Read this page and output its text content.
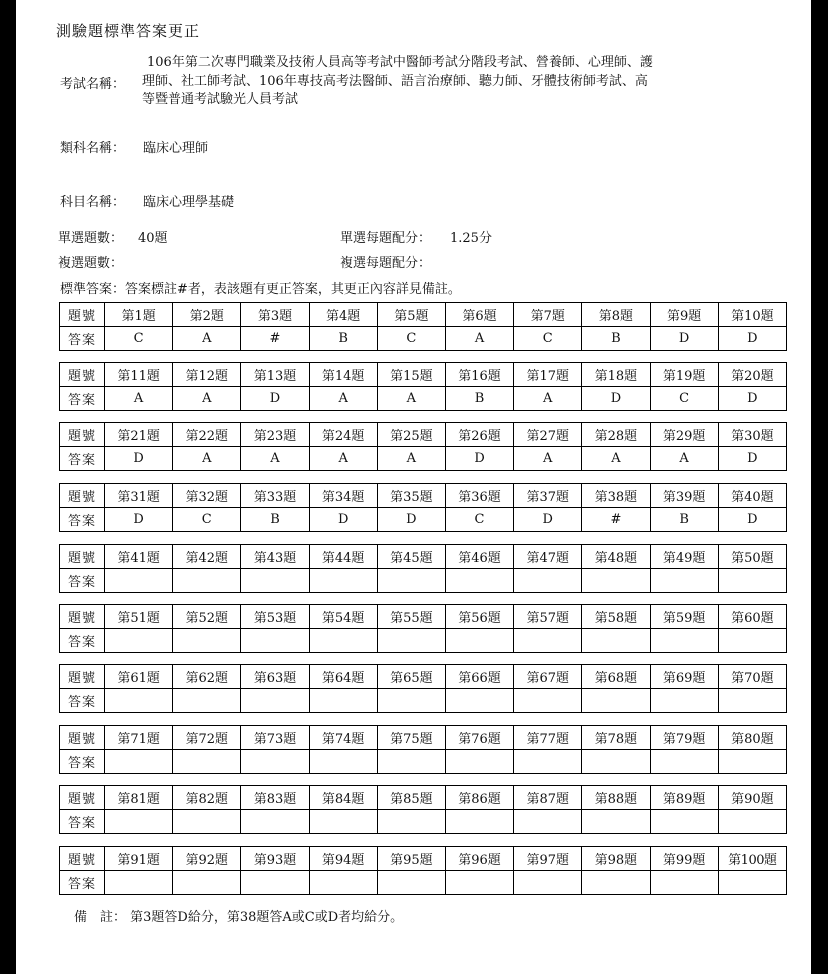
測驗題標準答案更正
考試名稱：
106年第二次專門職業及技術人員高等考試中醫師考試分階段考試、營養師、心理師、護
理師、社工師考試、106年專技高考法醫師、語言治療師、聽力師、牙體技術師考試、高
等暨普通考試驗光人員考試
類科名稱： 臨床心理師
科目名稱： 臨床心理學基礎
單選題數： 40題	單選每題配分： 1.25分
複選題數：	複選每題配分：
標準答案：答案標註#者，表該題有更正答案，其更正內容詳見備註。
題號	第1題	第2題	第3題	第4題	第5題	第6題	第7題	第8題	第9題	第10題
答案	C	A	#	B	C	A	C	B	D	D
題號	第11題	第12題	第13題	第14題	第15題	第16題	第17題	第18題	第19題	第20題
答案	A	A	D	A	A	B	A	D	C	D
題號	第21題	第22題	第23題	第24題	第25題	第26題	第27題	第28題	第29題	第30題
答案	D	A	A	A	A	D	A	A	A	D
題號	第31題	第32題	第33題	第34題	第35題	第36題	第37題	第38題	第39題	第40題
答案	D	C	B	D	D	C	D	#	B	D
題號	第41題	第42題	第43題	第44題	第45題	第46題	第47題	第48題	第49題	第50題
答案										
題號	第51題	第52題	第53題	第54題	第55題	第56題	第57題	第58題	第59題	第60題
答案										
題號	第61題	第62題	第63題	第64題	第65題	第66題	第67題	第68題	第69題	第70題
答案										
題號	第71題	第72題	第73題	第74題	第75題	第76題	第77題	第78題	第79題	第80題
答案										
題號	第81題	第82題	第83題	第84題	第85題	第86題	第87題	第88題	第89題	第90題
答案										
題號	第91題	第92題	第93題	第94題	第95題	第96題	第97題	第98題	第99題	第100題
答案										
備　註： 第3題答D給分，第38題答A或C或D者均給分。
